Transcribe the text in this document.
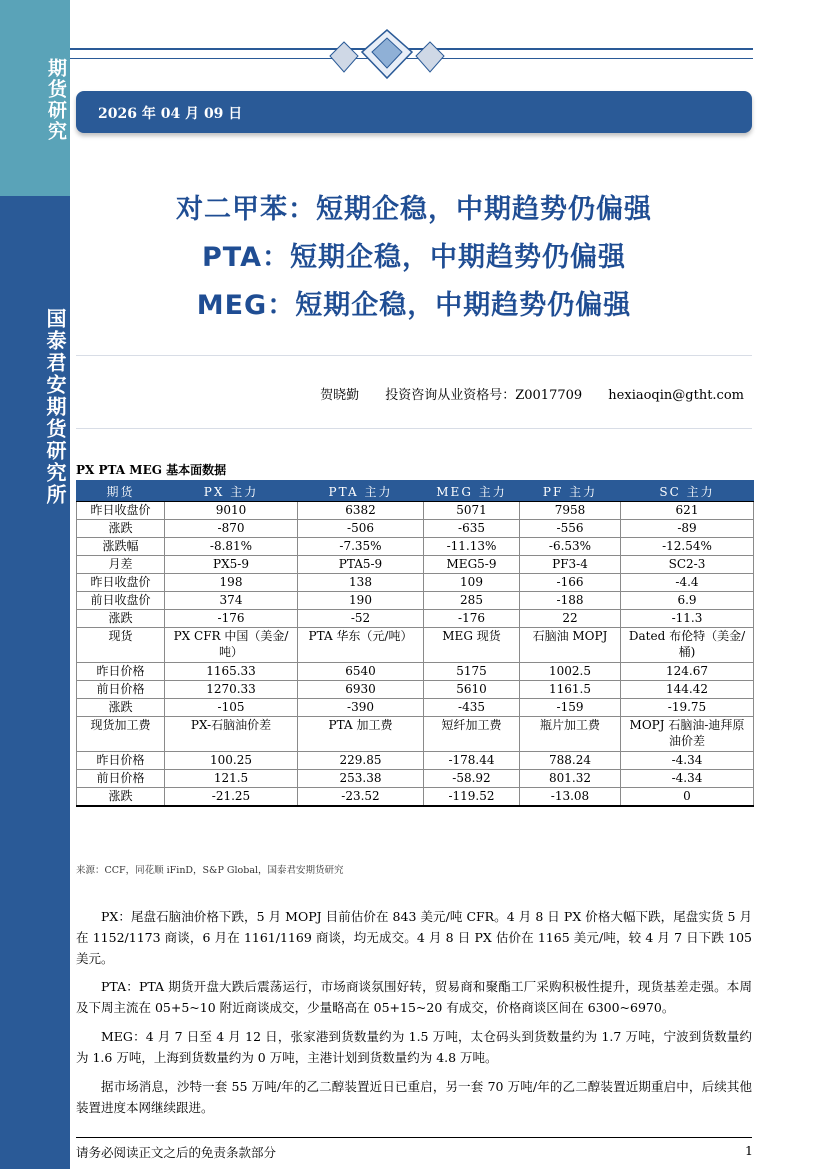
期货研究
国泰君安期货研究所
2026 年 04 月 09 日
对二甲苯：短期企稳，中期趋势仍偏强
PTA：短期企稳，中期趋势仍偏强
MEG：短期企稳，中期趋势仍偏强
贺晓勤 投资咨询从业资格号：Z0017709 hexiaoqin@gtht.com
PX PTA MEG 基本面数据
期货	PX 主力	PTA 主力	MEG 主力	PF 主力	SC 主力
昨日收盘价	9010	6382	5071	7958	621
涨跌	-870	-506	-635	-556	-89
涨跌幅	-8.81%	-7.35%	-11.13%	-6.53%	-12.54%
月差	PX5-9	PTA5-9	MEG5-9	PF3-4	SC2-3
昨日收盘价	198	138	109	-166	-4.4
前日收盘价	374	190	285	-188	6.9
涨跌	-176	-52	-176	22	-11.3
现货	PX CFR 中国（美金/吨）	PTA 华东（元/吨）	MEG 现货	石脑油 MOPJ	Dated 布伦特（美金/桶)
昨日价格	1165.33	6540	5175	1002.5	124.67
前日价格	1270.33	6930	5610	1161.5	144.42
涨跌	-105	-390	-435	-159	-19.75
现货加工费	PX-石脑油价差	PTA 加工费	短纤加工费	瓶片加工费	MOPJ 石脑油-迪拜原油价差
昨日价格	100.25	229.85	-178.44	788.24	-4.34
前日价格	121.5	253.38	-58.92	801.32	-4.34
涨跌	-21.25	-23.52	-119.52	-13.08	0
来源：CCF，同花顺 iFinD，S&P Global，国泰君安期货研究
PX：尾盘石脑油价格下跌，5 月 MOPJ 目前估价在 843 美元/吨 CFR。4 月 8 日 PX 价格大幅下跌，尾盘实货 5 月在 1152/1173 商谈，6 月在 1161/1169 商谈，均无成交。4 月 8 日 PX 估价在 1165 美元/吨，较 4 月 7 日下跌 105 美元。
PTA：PTA 期货开盘大跌后震荡运行，市场商谈氛围好转，贸易商和聚酯工厂采购积极性提升，现货基差走强。本周及下周主流在 05+5~10 附近商谈成交，少量略高在 05+15~20 有成交，价格商谈区间在 6300~6970。
MEG：4 月 7 日至 4 月 12 日，张家港到货数量约为 1.5 万吨，太仓码头到货数量约为 1.7 万吨，宁波到货数量约为 1.6 万吨，上海到货数量约为 0 万吨，主港计划到货数量约为 4.8 万吨。
据市场消息，沙特一套 55 万吨/年的乙二醇装置近日已重启，另一套 70 万吨/年的乙二醇装置近期重启中，后续其他装置进度本网继续跟进。
请务必阅读正文之后的免责条款部分	1
